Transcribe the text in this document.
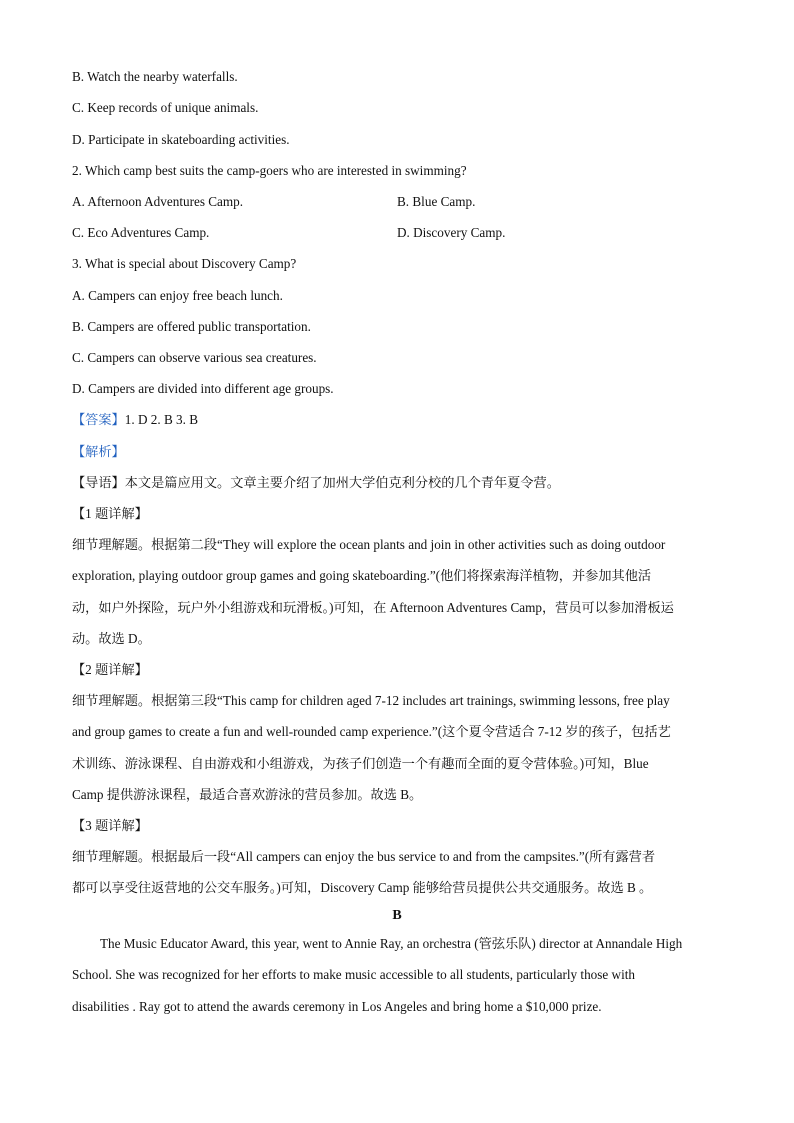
B. Watch the nearby waterfalls.
C. Keep records of unique animals.
D. Participate in skateboarding activities.
2. Which camp best suits the camp-goers who are interested in swimming?
A. Afternoon Adventures Camp.	B. Blue Camp.
C. Eco Adventures Camp.	D. Discovery Camp.
3. What is special about Discovery Camp?
A. Campers can enjoy free beach lunch.
B. Campers are offered public transportation.
C. Campers can observe various sea creatures.
D. Campers are divided into different age groups.
【答案】1. D 2. B 3. B
【解析】
【导语】本文是篇应用文。文章主要介绍了加州大学伯克利分校的几个青年夏令营。
【1 题详解】
细节理解题。根据第二段“They will explore the ocean plants and join in other activities such as doing outdoor
exploration, playing outdoor group games and going skateboarding.”(他们将探索海洋植物，并参加其他活
动，如户外探险，玩户外小组游戏和玩滑板。)可知，在 Afternoon Adventures Camp，营员可以参加滑板运
动。故选 D。
【2 题详解】
细节理解题。根据第三段“This camp for children aged 7-12 includes art trainings, swimming lessons, free play
and group games to create a fun and well-rounded camp experience.”(这个夏令营适合 7-12 岁的孩子，包括艺
术训练、游泳课程、自由游戏和小组游戏，为孩子们创造一个有趣而全面的夏令营体验。)可知，Blue
Camp 提供游泳课程，最适合喜欢游泳的营员参加。故选 B。
【3 题详解】
细节理解题。根据最后一段“All campers can enjoy the bus service to and from the campsites.”(所有露营者
都可以享受往返营地的公交车服务。)可知，Discovery Camp 能够给营员提供公共交通服务。故选 B 。
B
The Music Educator Award, this year, went to Annie Ray, an orchestra (管弦乐队) director at Annandale High
School. She was recognized for her efforts to make music accessible to all students, particularly those with
disabilities . Ray got to attend the awards ceremony in Los Angeles and bring home a $10,000 prize.
